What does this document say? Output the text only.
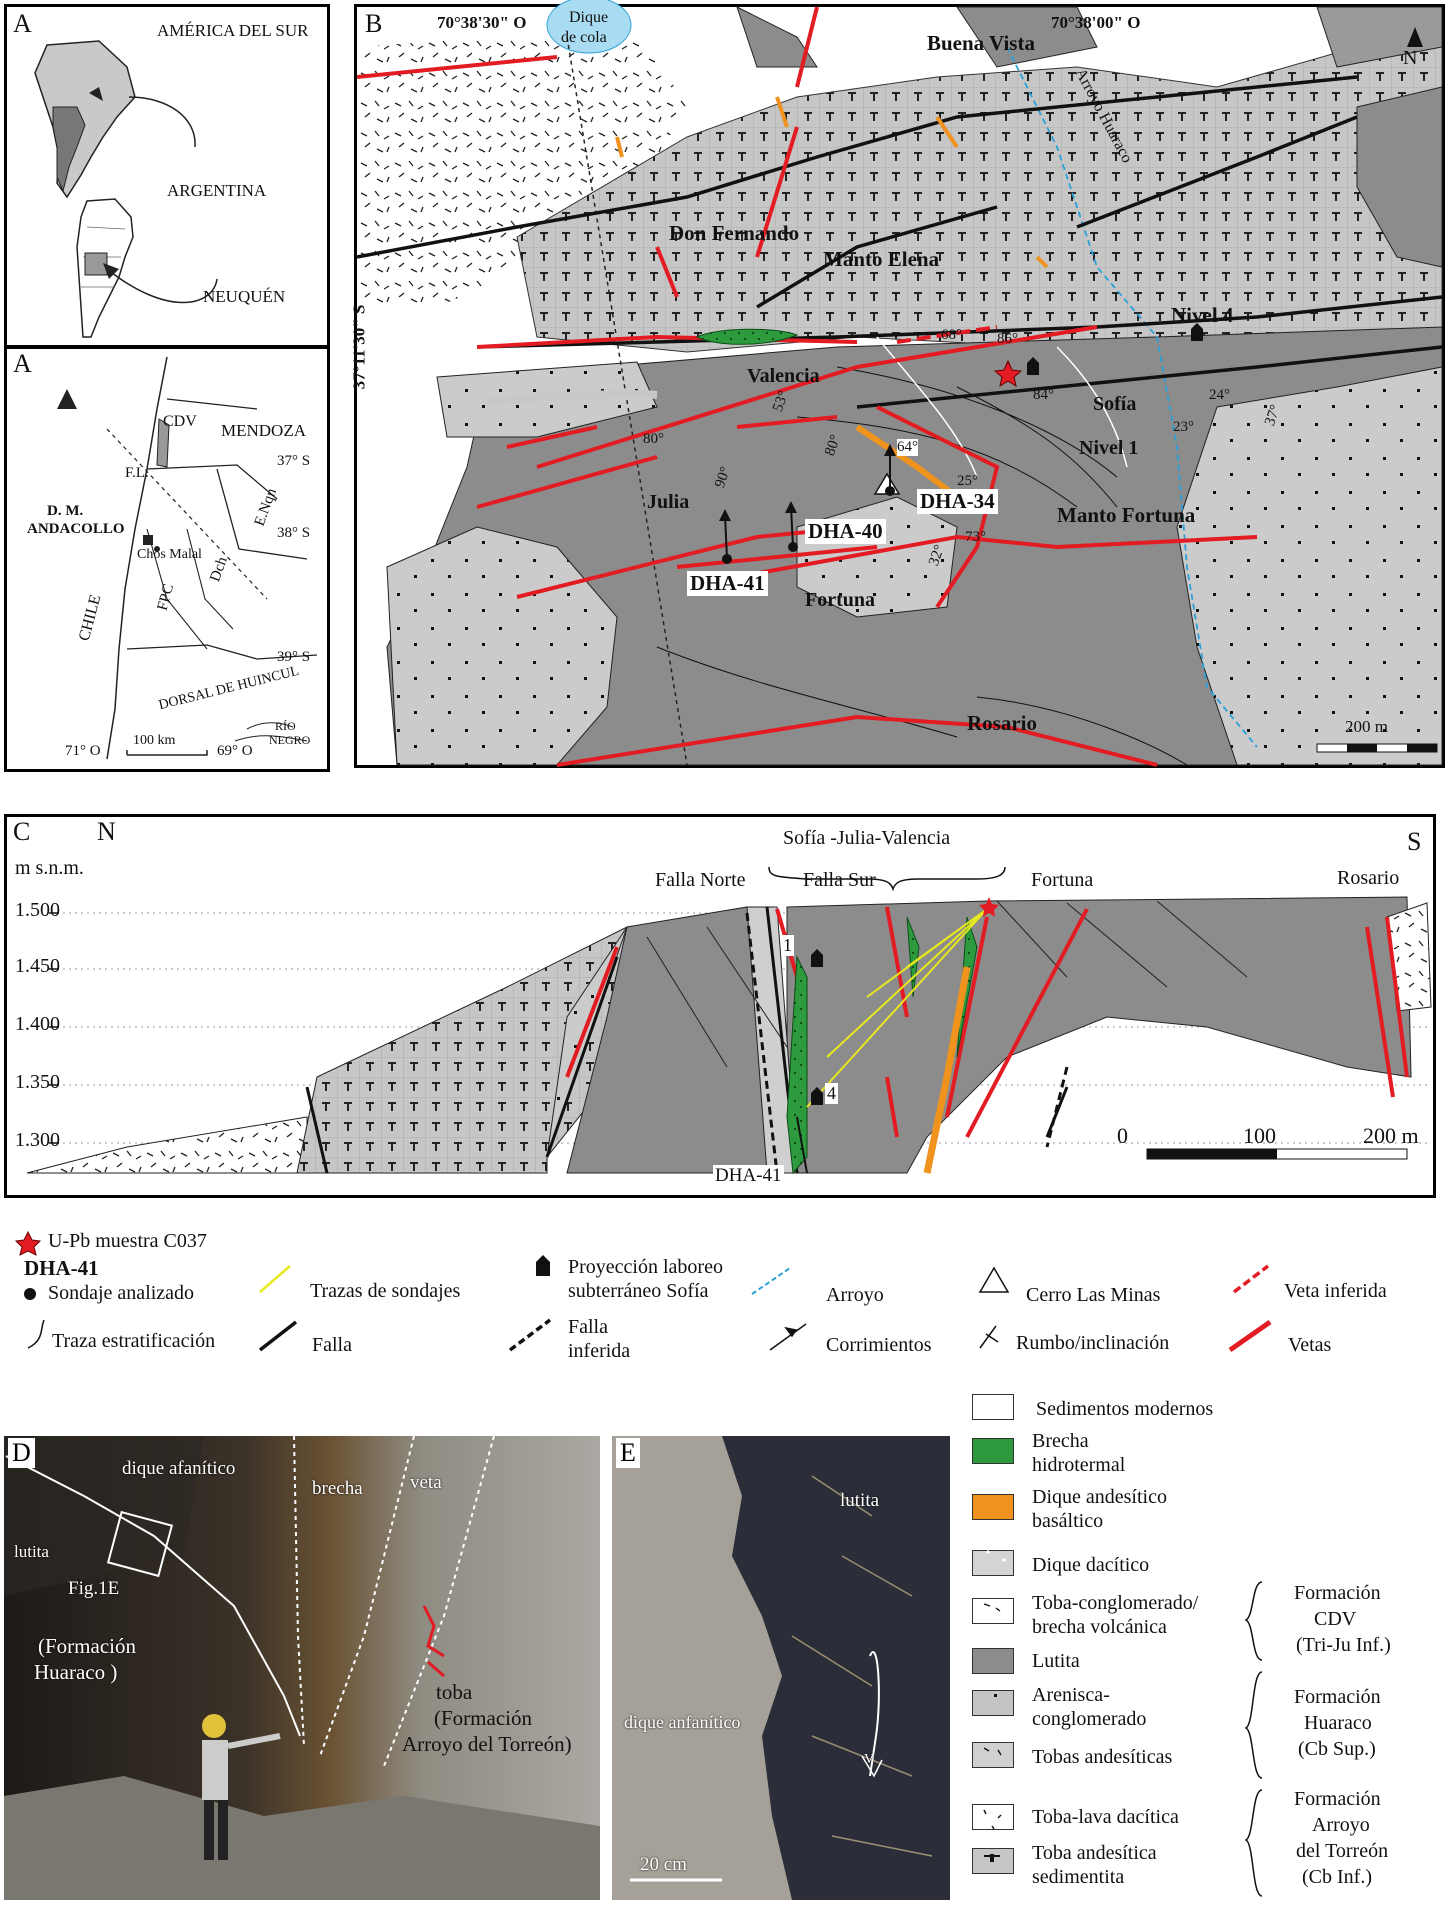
A	AMÉRICA DEL SUR
ARGENTINA
NEUQUÉN
A
CDV MENDOZA
37° S
F.L.
D. M.
ANDACOLLO
Chos Malal
E.Nqn
38° S
Dch
FPC
CHILE
DORSAL DE HUINCUL
39° S
RÍO
NEGRO
71° O
100 km
69° O
B	70°38'30" O	70°38'00" O
37°11'30" S
Dique
de cola
N
Buena Vista
Arroyo Huaraco
Don Fernando
Manto Elena
Nivel 4
Valencia
Sofía
Nivel 1
Julia	DHA-34
DHA-40
DHA-41
Manto Fortuna
Fortuna
Rosario	200 m
68° 86°
84°	24°
23°	37°
53°
80°	80°
90°
64°
25°
73°
32°
C	N	S
m s.n.m.
1.500
1.450
1.400
1.350
1.300
Sofía -Julia-Valencia
Falla Norte	Falla Sur	Fortuna	Rosario
1
4
DHA-41
0	100	200 m
U-Pb muestra C037
DHA-41
Sondaje analizado	Trazas de sondajes
Proyección laboreo
subterráneo Sofía	Arroyo	Cerro Las Minas	Veta inferida
Traza estratificación	Falla
Falla
inferida	Corrimientos	Rumbo/inclinación	Vetas
D
dique afanítico
brecha veta
lutita
Fig.1E
(Formación
Huaraco )
toba
(Formación
Arroyo del Torreón)
E
lutita
dique anfanítico
V
20 cm
Sedimentos modernos
Brecha
hidrotermal
Dique andesítico
basáltico
Dique dacítico
Toba-conglomerado/
brecha volcánica
Lutita
Arenisca-
conglomerado
Tobas andesíticas
Toba-lava dacítica
Toba andesítica
sedimentita
Formación
CDV
(Tri-Ju Inf.)
Formación
Huaraco
(Cb Sup.)
Formación
Arroyo
del Torreón
(Cb Inf.)
